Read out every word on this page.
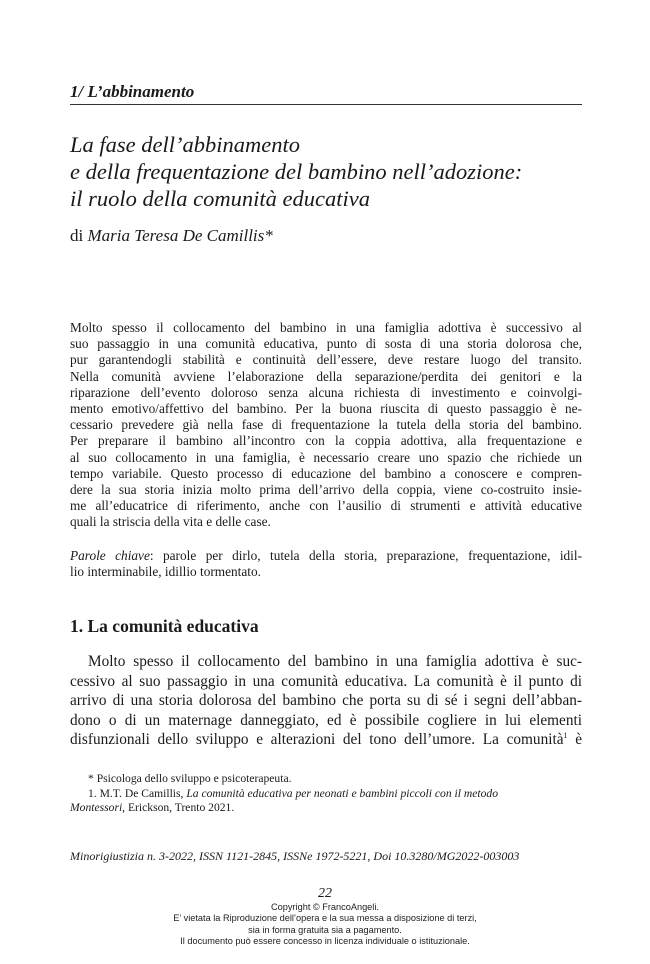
1/ L’abbinamento
La fase dell’abbinamento
e della frequentazione del bambino nell’adozione:
il ruolo della comunità educativa
di Maria Teresa De Camillis*
Molto spesso il collocamento del bambino in una famiglia adottiva è successivo al
suo passaggio in una comunità educativa, punto di sosta di una storia dolorosa che,
pur garantendogli stabilità e continuità dell’essere, deve restare luogo del transito.
Nella comunità avviene l’elaborazione della separazione/perdita dei genitori e la
riparazione dell’evento doloroso senza alcuna richiesta di investimento e coinvolgi-
mento emotivo/affettivo del bambino. Per la buona riuscita di questo passaggio è ne-
cessario prevedere già nella fase di frequentazione la tutela della storia del bambino.
Per preparare il bambino all’incontro con la coppia adottiva, alla frequentazione e
al suo collocamento in una famiglia, è necessario creare uno spazio che richiede un
tempo variabile. Questo processo di educazione del bambino a conoscere e compren-
dere la sua storia inizia molto prima dell’arrivo della coppia, viene co-costruito insie-
me all’educatrice di riferimento, anche con l’ausilio di strumenti e attività educative
quali la striscia della vita e delle case.
Parole chiave: parole per dirlo, tutela della storia, preparazione, frequentazione, idil-
lio interminabile, idillio tormentato.
1. La comunità educativa
Molto spesso il collocamento del bambino in una famiglia adottiva è suc-
cessivo al suo passaggio in una comunità educativa. La comunità è il punto di
arrivo di una storia dolorosa del bambino che porta su di sé i segni dell’abban-
dono o di un maternage danneggiato, ed è possibile cogliere in lui elementi
disfunzionali dello sviluppo e alterazioni del tono dell’umore. La comunità$^1$ è
* Psicologa dello sviluppo e psicoterapeuta.
1. M.T. De Camillis, La comunità educativa per neonati e bambini piccoli con il metodo
Montessori, Erickson, Trento 2021.
Minorigiustizia n. 3-2022, ISSN 1121-2845, ISSNe 1972-5221, Doi 10.3280/MG2022-003003
22
Copyright © FrancoAngeli.
E’ vietata la Riproduzione dell’opera e la sua messa a disposizione di terzi,
sia in forma gratuita sia a pagamento.
Il documento può essere concesso in licenza individuale o istituzionale.
